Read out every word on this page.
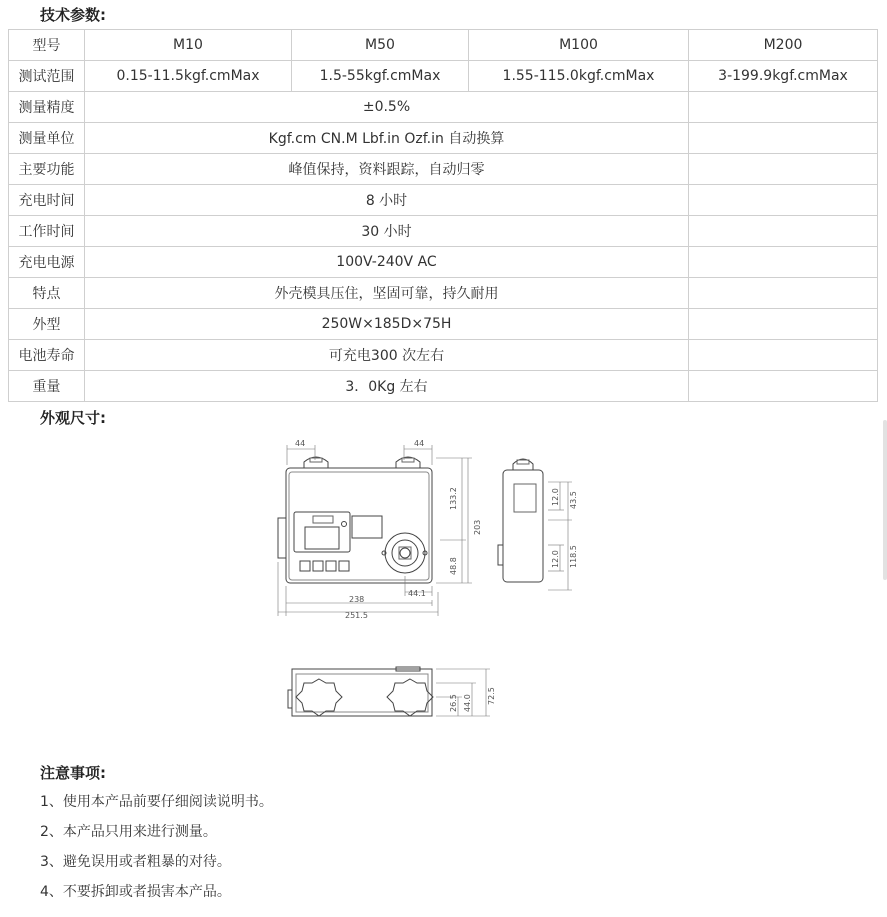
技术参数:
型号	M10	M50	M100	M200
测试范围	0.15-11.5kgf.cmMax	1.5-55kgf.cmMax	1.55-115.0kgf.cmMax	3-199.9kgf.cmMax
测量精度	±0.5%			
测量单位	Kgf.cm CN.M Lbf.in Ozf.in 自动换算			
主要功能	峰值保持，资料跟踪，自动归零			
充电时间	8 小时			
工作时间	30 小时			
充电电源	100V-240V AC			
特点	外壳模具压住，坚固可靠，持久耐用			
外型	250W×185D×75H			
电池寿命	可充电300 次左右			
重量	3．0Kg 左右			
外观尺寸:
44	44
133.2
203
48.8
44.1
238
251.5
12.0 43.5
12.0 118.5
26.5 44.0 72.5
注意事项:
1、使用本产品前要仔细阅读说明书。
2、本产品只用来进行测量。
3、避免误用或者粗暴的对待。
4、不要拆卸或者损害本产品。
